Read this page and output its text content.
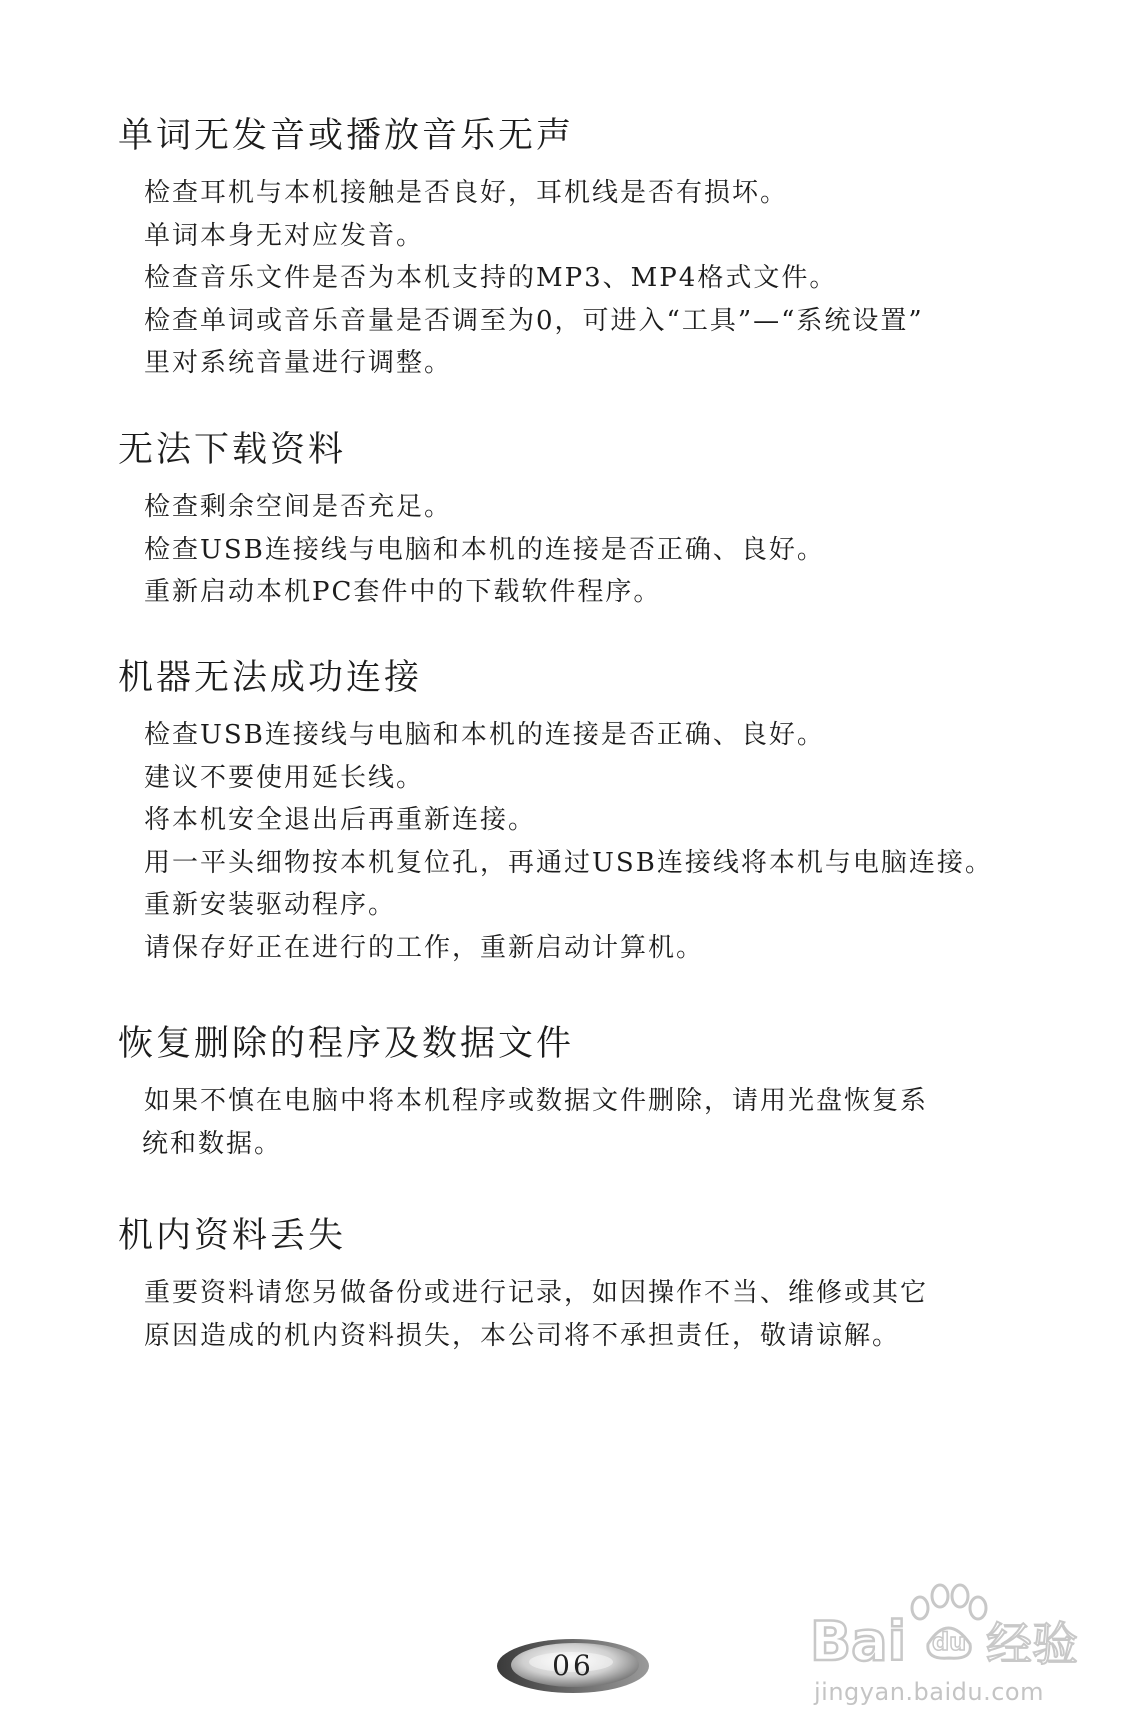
单词无发音或播放音乐无声
检查耳机与本机接触是否良好，耳机线是否有损坏。
单词本身无对应发音。
检查音乐文件是否为本机支持的MP3、MP4格式文件。
检查单词或音乐音量是否调至为0，可进入“工具”—“系统设置”
里对系统音量进行调整。
无法下载资料
检查剩余空间是否充足。
检查USB连接线与电脑和本机的连接是否正确、良好。
重新启动本机PC套件中的下载软件程序。
机器无法成功连接
检查USB连接线与电脑和本机的连接是否正确、良好。
建议不要使用延长线。
将本机安全退出后再重新连接。
用一平头细物按本机复位孔，再通过USB连接线将本机与电脑连接。
重新安装驱动程序。
请保存好正在进行的工作，重新启动计算机。
恢复删除的程序及数据文件
如果不慎在电脑中将本机程序或数据文件删除，请用光盘恢复系
统和数据。
机内资料丢失
重要资料请您另做备份或进行记录，如因操作不当、维修或其它
原因造成的机内资料损失，本公司将不承担责任，敬请谅解。
06	Bai du 经验
jingyan.baidu.com
